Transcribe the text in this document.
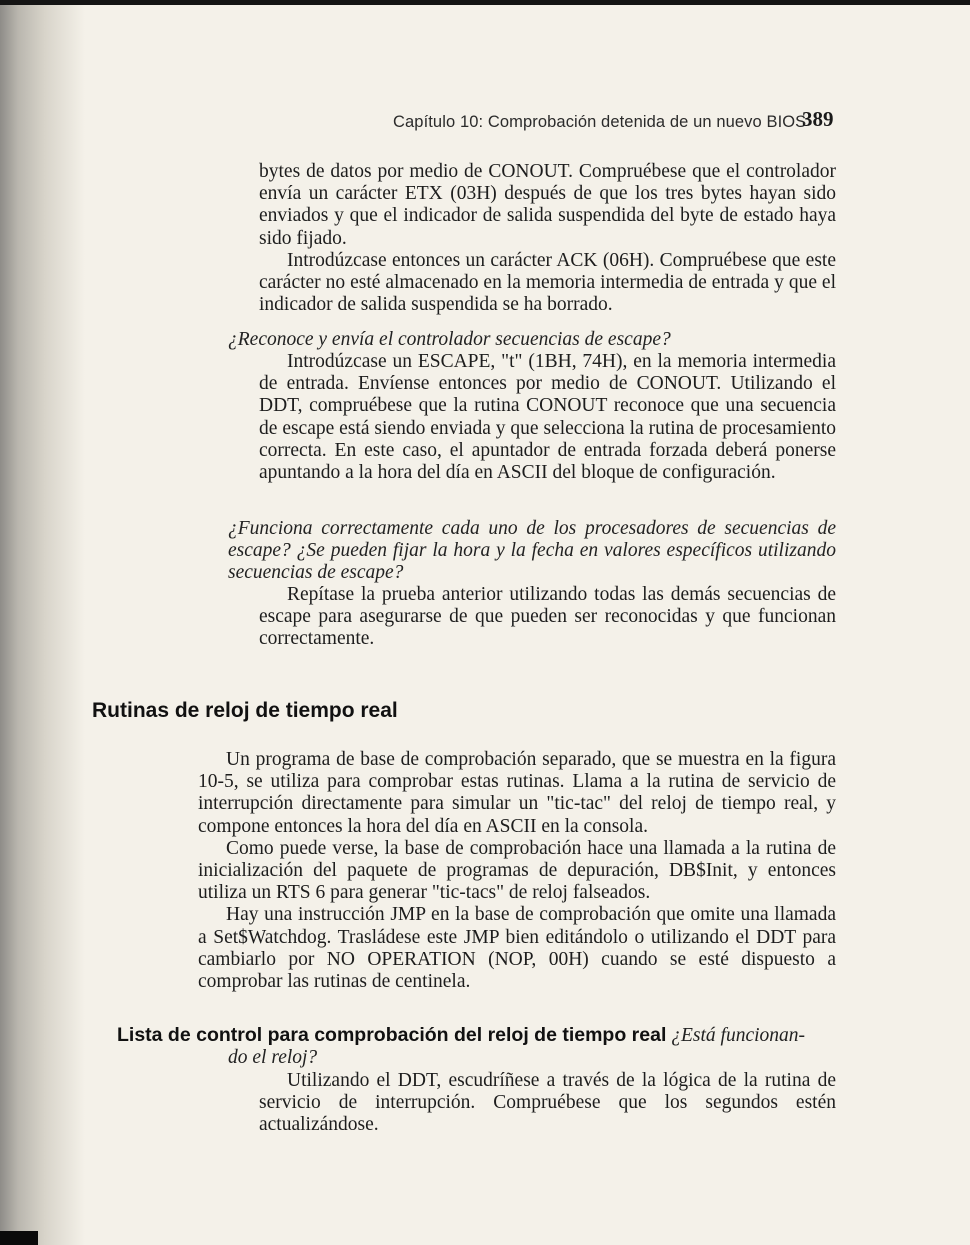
Capítulo 10: Comprobación detenida de un nuevo BIOS
389

bytes de datos por medio de CONOUT. Compruébese que el controlador envía un carácter ETX (03H) después de que los tres bytes hayan sido enviados y que el indicador de salida suspendida del byte de estado haya sido fijado.

Introdúzcase entonces un carácter ACK (06H). Compruébese que este carácter no esté almacenado en la memoria intermedia de entrada y que el indicador de salida suspendida se ha borrado.

¿Reconoce y envía el controlador secuencias de escape?

Introdúzcase un ESCAPE, "t" (1BH, 74H), en la memoria intermedia de entrada. Envíense entonces por medio de CONOUT. Utilizando el DDT, compruébese que la rutina CONOUT reconoce que una secuencia de escape está siendo enviada y que selecciona la rutina de procesamiento correcta. En este caso, el apuntador de entrada forzada deberá ponerse apuntando a la hora del día en ASCII del bloque de configuración.

¿Funciona correctamente cada uno de los procesadores de secuencias de escape? ¿Se pueden fijar la hora y la fecha en valores específicos utilizando secuencias de escape?

Repítase la prueba anterior utilizando todas las demás secuencias de escape para asegurarse de que pueden ser reconocidas y que funcionan correctamente.

Rutinas de reloj de tiempo real

Un programa de base de comprobación separado, que se muestra en la figura 10-5, se utiliza para comprobar estas rutinas. Llama a la rutina de servicio de interrupción directamente para simular un "tic-tac" del reloj de tiempo real, y compone entonces la hora del día en ASCII en la consola.

Como puede verse, la base de comprobación hace una llamada a la rutina de inicialización del paquete de programas de depuración, DB$Init, y entonces utiliza un RTS 6 para generar "tic-tacs" de reloj falseados.

Hay una instrucción JMP en la base de comprobación que omite una llamada a Set$Watchdog. Trasládese este JMP bien editándolo o utilizando el DDT para cambiarlo por NO OPERATION (NOP, 00H) cuando se esté dispuesto a comprobar las rutinas de centinela.

Lista de control para comprobación del reloj de tiempo real ¿Está funcionan-
do el reloj?

Utilizando el DDT, escudríñese a través de la lógica de la rutina de servicio de interrupción. Compruébese que los segundos estén actualizándose.
